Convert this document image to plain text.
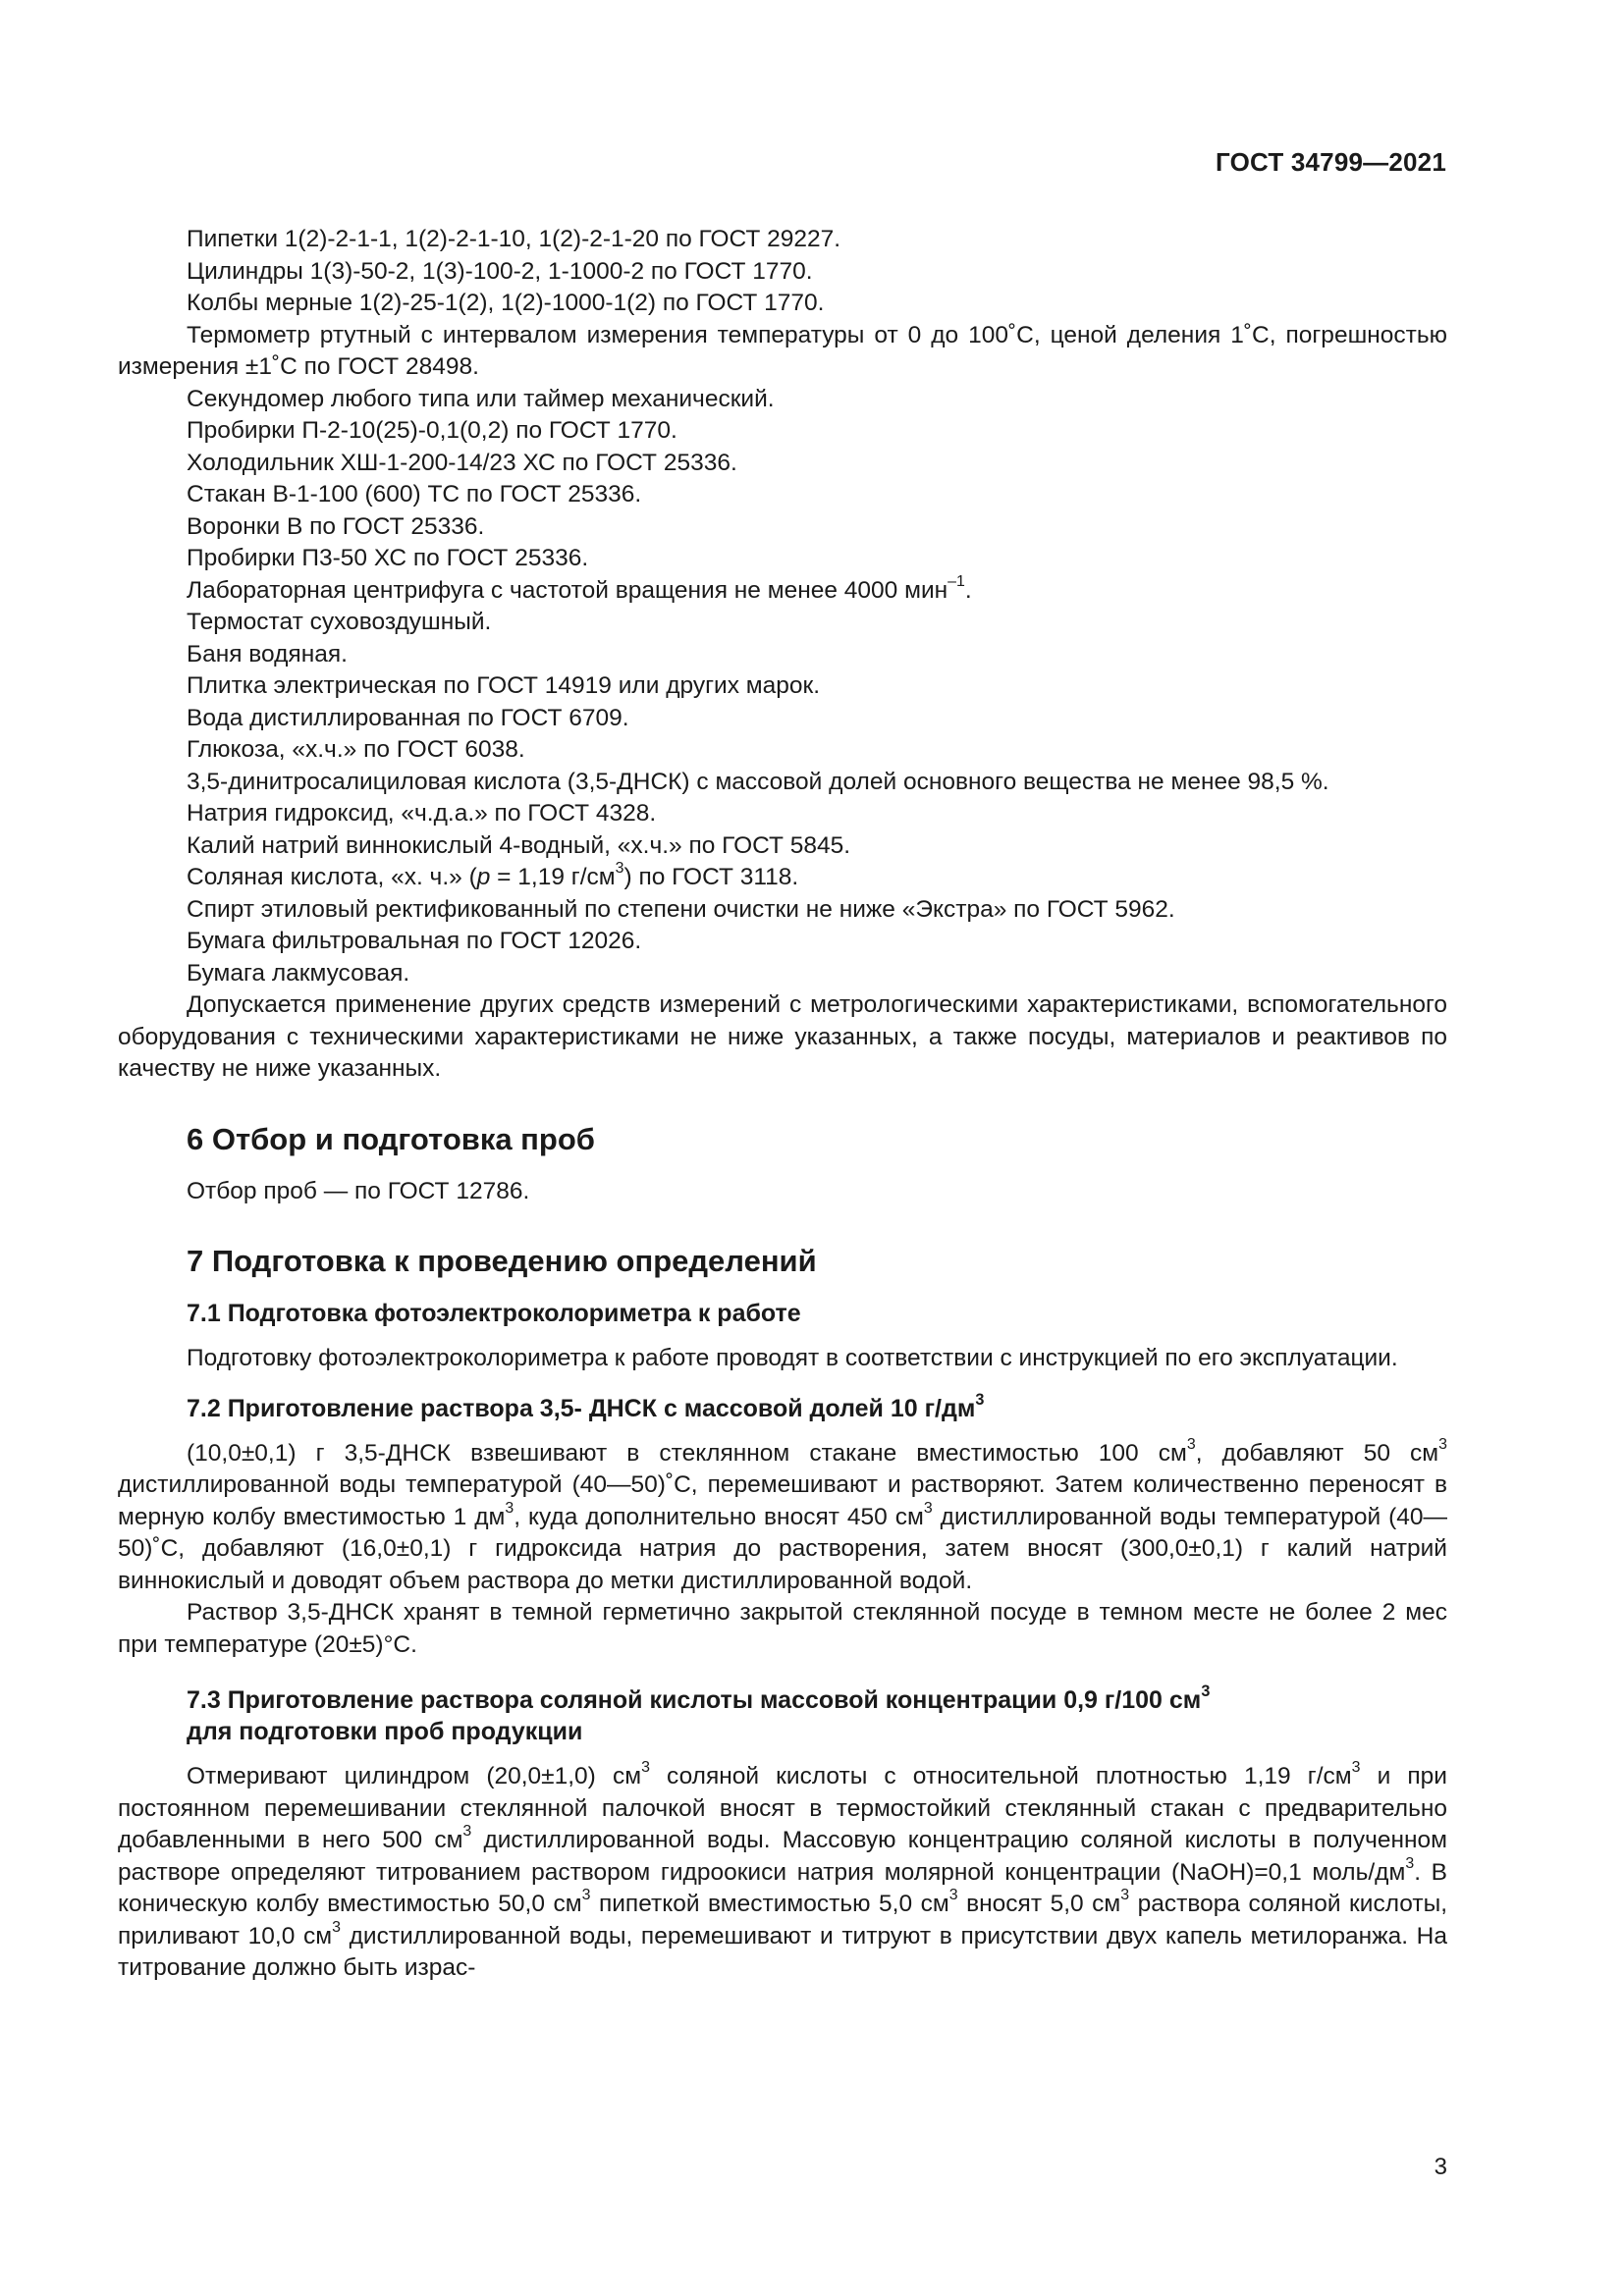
ГОСТ 34799—2021
Пипетки 1(2)-2-1-1, 1(2)-2-1-10, 1(2)-2-1-20 по ГОСТ 29227.
Цилиндры 1(3)-50-2, 1(3)-100-2, 1-1000-2 по ГОСТ 1770.
Колбы мерные 1(2)-25-1(2), 1(2)-1000-1(2) по ГОСТ 1770.

Термометр ртутный с интервалом измерения температуры от 0 до 100˚С, ценой деления 1˚С, погрешностью измерения ±1˚С по ГОСТ 28498.

Секундомер любого типа или таймер механический.
Пробирки П-2-10(25)-0,1(0,2) по ГОСТ 1770.
Холодильник ХШ-1-200-14/23 ХС по ГОСТ 25336.
Стакан В-1-100 (600) ТС по ГОСТ 25336.
Воронки В по ГОСТ 25336.
Пробирки П3-50 ХС по ГОСТ 25336.
Лабораторная центрифуга с частотой вращения не менее 4000 мин$^{-1}$.
Термостат суховоздушный.
Баня водяная.
Плитка электрическая по ГОСТ 14919 или других марок.
Вода дистиллированная по ГОСТ 6709.
Глюкоза, «х.ч.» по ГОСТ 6038.
3,5-динитросалициловая кислота (3,5-ДНСК) с массовой долей основного вещества не менее 98,5 %.
Натрия гидроксид, «ч.д.а.» по ГОСТ 4328.
Калий натрий виннокислый 4-водный, «х.ч.» по ГОСТ 5845.
Соляная кислота, «х. ч.» (р = 1,19 $г/см^3$) по ГОСТ 3118.
Спирт этиловый ректификованный по степени очистки не ниже «Экстра» по ГОСТ 5962.
Бумага фильтровальная по ГОСТ 12026.
Бумага лакмусовая.

Допускается применение других средств измерений с метрологическими характеристиками, вспомогательного оборудования с техническими характеристиками не ниже указанных, а также посуды, материалов и реактивов по качеству не ниже указанных.

6 Отбор и подготовка проб
Отбор проб — по ГОСТ 12786.
7 Подготовка к проведению определений
7.1 Подготовка фотоэлектроколориметра к работе

Подготовку фотоэлектроколориметра к работе проводят в соответствии с инструкцией по его эксплуатации.

7.2 Приготовление раствора 3,5- ДНСК с массовой долей 10 $г/дм^3$

(10,0±0,1) г 3,5-ДНСК взвешивают в стеклянном стакане вместимостью 100 $см^3$, добавляют 50 $см^3$ дистиллированной воды температурой (40—50)˚С, перемешивают и растворяют. Затем количественно переносят в мерную колбу вместимостью 1 $дм^3$, куда дополнительно вносят 450 $см^3$ дистиллированной воды температурой (40—50)˚С, добавляют (16,0±0,1) г гидроксида натрия до растворения, затем вносят (300,0±0,1) г калий натрий виннокислый и доводят объем раствора до метки дистиллированной водой.

Раствор 3,5-ДНСК хранят в темной герметично закрытой стеклянной посуде в темном месте не более 2 мес при температуре (20±5)°С.

7.3 Приготовление раствора соляной кислоты массовой концентрации 0,9 г/100 $см^3$
для подготовки проб продукции

Отмеривают цилиндром (20,0±1,0) $см^3$ соляной кислоты с относительной плотностью 1,19 $г/см^3$ и при постоянном перемешивании стеклянной палочкой вносят в термостойкий стеклянный стакан с предварительно добавленными в него 500 $см^3$ дистиллированной воды. Массовую концентрацию соляной кислоты в полученном растворе определяют титрованием раствором гидроокиси натрия молярной концентрации (NaOH)=0,1 моль/$дм^3$. В коническую колбу вместимостью 50,0 $см^3$ пипеткой вместимостью 5,0 $см^3$ вносят 5,0 $см^3$ раствора соляной кислоты, приливают 10,0 $см^3$ дистиллированной воды, перемешивают и титруют в присутствии двух капель метилоранжа. На титрование должно быть израс-

3
